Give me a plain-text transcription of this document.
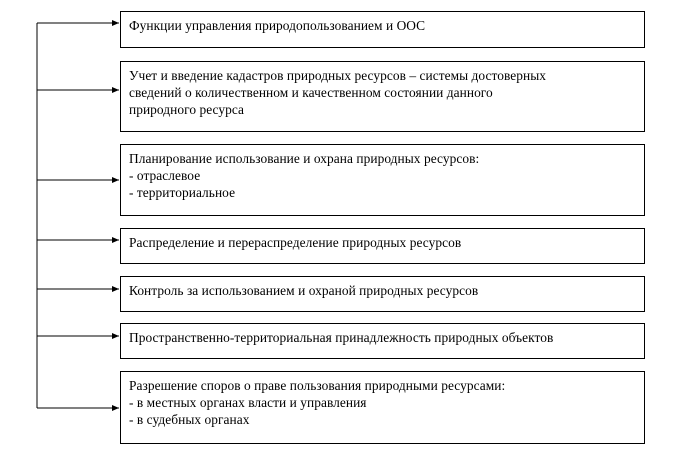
Функции управления природопользованием и ООС
Учет и введение кадастров природных ресурсов – системы достоверных
сведений о количественном и качественном состоянии данного
природного ресурса
Планирование использование и охрана природных ресурсов:
- отраслевое
- территориальное
Распределение и перераспределение природных ресурсов
Контроль за использованием и охраной природных ресурсов
Пространственно-территориальная принадлежность природных объектов
Разрешение споров о праве пользования природными ресурсами:
- в местных органах власти и управления
- в судебных органах
